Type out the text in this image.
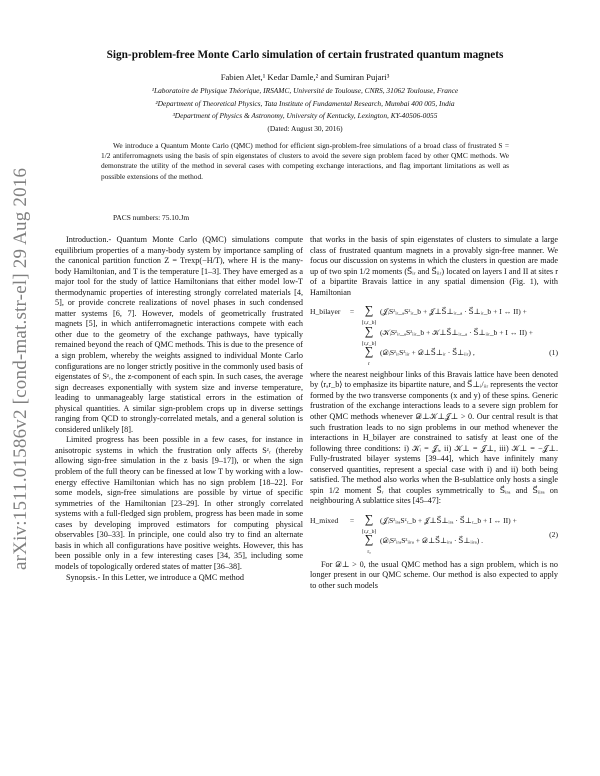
arXiv:1511.01586v2 [cond-mat.str-el] 29 Aug 2016
Sign-problem-free Monte Carlo simulation of certain frustrated quantum magnets
Fabien Alet,¹ Kedar Damle,² and Sumiran Pujari³
¹Laboratoire de Physique Théorique, IRSAMC, Université de Toulouse, CNRS, 31062 Toulouse, France
²Department of Theoretical Physics, Tata Institute of Fundamental Research, Mumbai 400 005, India
³Department of Physics & Astronomy, University of Kentucky, Lexington, KY-40506-0055
(Dated: August 30, 2016)
We introduce a Quantum Monte Carlo (QMC) method for efficient sign-problem-free simulations of a broad class of frustrated S = 1/2 antiferromagnets using the basis of spin eigenstates of clusters to avoid the severe sign problem faced by other QMC methods. We demonstrate the utility of the method in several cases with competing exchange interactions, and flag important limitations as well as possible extensions of the method.
PACS numbers: 75.10.Jm

Introduction.- Quantum Monte Carlo (QMC) simulations compute equilibrium properties of a many-body system by importance sampling of the canonical partition function Z = Trexp(−H/T), where H is the many-body Hamiltonian, and T is the temperature [1–3]. They have emerged as a major tool for the study of lattice Hamiltonians that either model low-T thermodynamic properties of interesting strongly correlated materials [4, 5], or provide concrete realizations of novel phases in such condensed matter systems [6, 7]. However, models of geometrically frustrated magnets [5], in which antiferromagnetic interactions compete with each other due to the geometry of the exchange pathways, have typically remained beyond the reach of QMC methods. This is due to the presence of a sign problem, whereby the weights assigned to individual Monte Carlo configurations are no longer strictly positive in the commonly used basis of eigenstates of Sᶻᵣ, the z-component of each spin. In such cases, the average sign decreases exponentially with system size and inverse temperature, leading to unmanageably large statistical errors in the estimation of physical quantities. A similar sign-problem crops up in diverse settings ranging from QCD to strongly-correlated metals, and a general solution is considered unlikely [8].

Limited progress has been possible in a few cases, for instance in anisotropic systems in which the frustration only affects Sᶻᵣ (thereby allowing sign-free simulation in the z basis [9–17]), or when the sign problem of the full theory can be finessed at low T by working with a low-energy effective Hamiltonian which has no sign problem [18–22]. For some models, sign-free simulations are possible by virtue of specific symmetries of the Hamiltonian [23–29]. In other strongly correlated systems with a full-fledged sign problem, progress has been made in some cases by developing improved estimators for computing physical observables [30–33]. In principle, one could also try to find an alternate basis in which all configurations have positive weights. However, this has been possible only in a few interesting cases [34, 35], including some models of topologically ordered states of matter [36–38].

Synopsis.- In this Letter, we introduce a QMC method

that works in the basis of spin eigenstates of clusters to simulate a large class of frustrated quantum magnets in a provably sign-free manner. We focus our discussion on systems in which the clusters in question are made up of two spin 1/2 moments (S⃗ᵢᵣ and S⃗ᵢᵢᵣ) located on layers I and II at sites r of a bipartite Bravais lattice in any spatial dimension (Fig. 1), with Hamiltonian

H_bilayer	= ∑
⟨rₐr_b⟩
(𝒥ᵢSᶻᵢᵣ_ₐSᶻᵢᵣ_b + 𝒥⊥S⃗⊥ᵢᵣ_ₐ · S⃗⊥ᵢᵣ_b + I ↔ II) +
∑
⟨rₐr_b⟩
(𝒦ᵢSᶻᵢᵣ_ₐSᶻᵢᵢᵣ_b + 𝒦⊥S⃗⊥ᵢᵣ_ₐ · S⃗⊥ᵢᵢᵣ_b + I ↔ II) +
∑
r
(𝒟ᵢSᶻᵢᵣSᶻᵢᵢᵣ + 𝒟⊥S⃗⊥ᵢᵣ · S⃗⊥ᵢᵢᵣ) ,	(1)

where the nearest neighbour links of this Bravais lattice have been denoted by ⟨rₐr_b⟩ to emphasize its bipartite nature, and S⃗⊥ᵢ/ᵢᵢᵣ represents the vector formed by the two transverse components (x and y) of these spins. Generic frustration of the exchange interactions leads to a severe sign problem for other QMC methods whenever 𝒟⊥𝒦⊥𝒥⊥ > 0. Our central result is that such frustration leads to no sign problems in our method whenever the interactions in H_bilayer are constrained to satisfy at least one of the following three conditions: i) 𝒦ᵢ = 𝒥ᵢ, ii) 𝒦⊥ = 𝒥⊥, iii) 𝒦⊥ = −𝒥⊥. Fully-frustrated bilayer systems [39–44], which have infinitely many conserved quantities, represent a special case with i) and ii) both being satisfied. The method also works when the B-sublattice only hosts a single spin 1/2 moment S⃗ᵣ that couples symmetrically to S⃗ᵢᵣₐ and S⃗ᵢᵢᵣₐ on neighbouring A sublattice sites [45–47]:

H_mixed	= ∑
⟨rₐr_b⟩
(𝒥ᵢSᶻᵢᵣₐSᶻᵣ_b + 𝒥⊥S⃗⊥ᵢᵣₐ · S⃗⊥ᵣ_b + I ↔ II) +
∑
rₐ
(𝒟ᵢSᶻᵢᵣₐSᶻᵢᵢᵣₐ + 𝒟⊥S⃗⊥ᵢᵣₐ · S⃗⊥ᵢᵢᵣₐ) .
(2)

For 𝒟⊥ > 0, the usual QMC method has a sign problem, which is no longer present in our QMC scheme. Our method is also expected to apply to other such models
